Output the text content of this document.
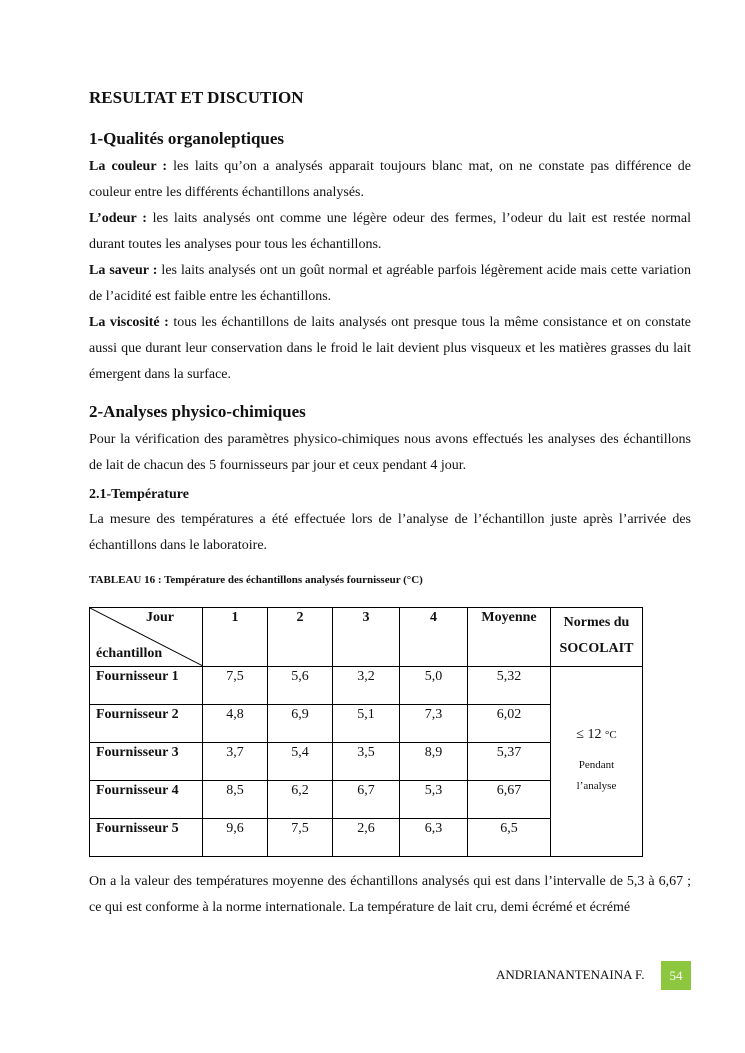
RESULTAT ET DISCUTION
1-Qualités organoleptiques

La couleur : les laits qu’on a analysés apparait toujours blanc mat, on ne constate pas différence de couleur entre les différents échantillons analysés.

L’odeur : les laits analysés ont comme une légère odeur des fermes, l’odeur du lait est restée normal durant toutes les analyses pour tous les échantillons.

La saveur : les laits analysés ont un goût normal et agréable parfois légèrement acide mais cette variation de l’acidité est faible entre les échantillons.

La viscosité : tous les échantillons de laits analysés ont presque tous la même consistance et on constate aussi que durant leur conservation dans le froid le lait devient plus visqueux et les matières grasses du lait émergent dans la surface.

2-Analyses physico-chimiques

Pour la vérification des paramètres physico-chimiques nous avons effectués les analyses des échantillons de lait de chacun des 5 fournisseurs par jour et ceux pendant 4 jour.

2.1-Température

La mesure des températures a été effectuée lors de l’analyse de l’échantillon juste après l’arrivée des échantillons dans le laboratoire.

TABLEAU 16 : Température des échantillons analysés fournisseur (°C)

Jour
échantillon	1	2	3	4	Moyenne	Normes du
SOCOLAIT
Fournisseur 1	7,5	5,6	3,2	5,0	5,32	≤ 12 °C
Pendant
l’analyse

Fournisseur 2	4,8	6,9	5,1	7,3	6,02	
Fournisseur 3	3,7	5,4	3,5	8,9	5,37	
Fournisseur 4	8,5	6,2	6,7	5,3	6,67	
Fournisseur 5	9,6	7,5	2,6	6,3	6,5	

On a la valeur des températures moyenne des échantillons analysés qui est dans l’intervalle de 5,3 à 6,67 ; ce qui est conforme à la norme internationale. La température de lait cru, demi écrémé et écrémé

ANDRIANANTENAINA F.	54
